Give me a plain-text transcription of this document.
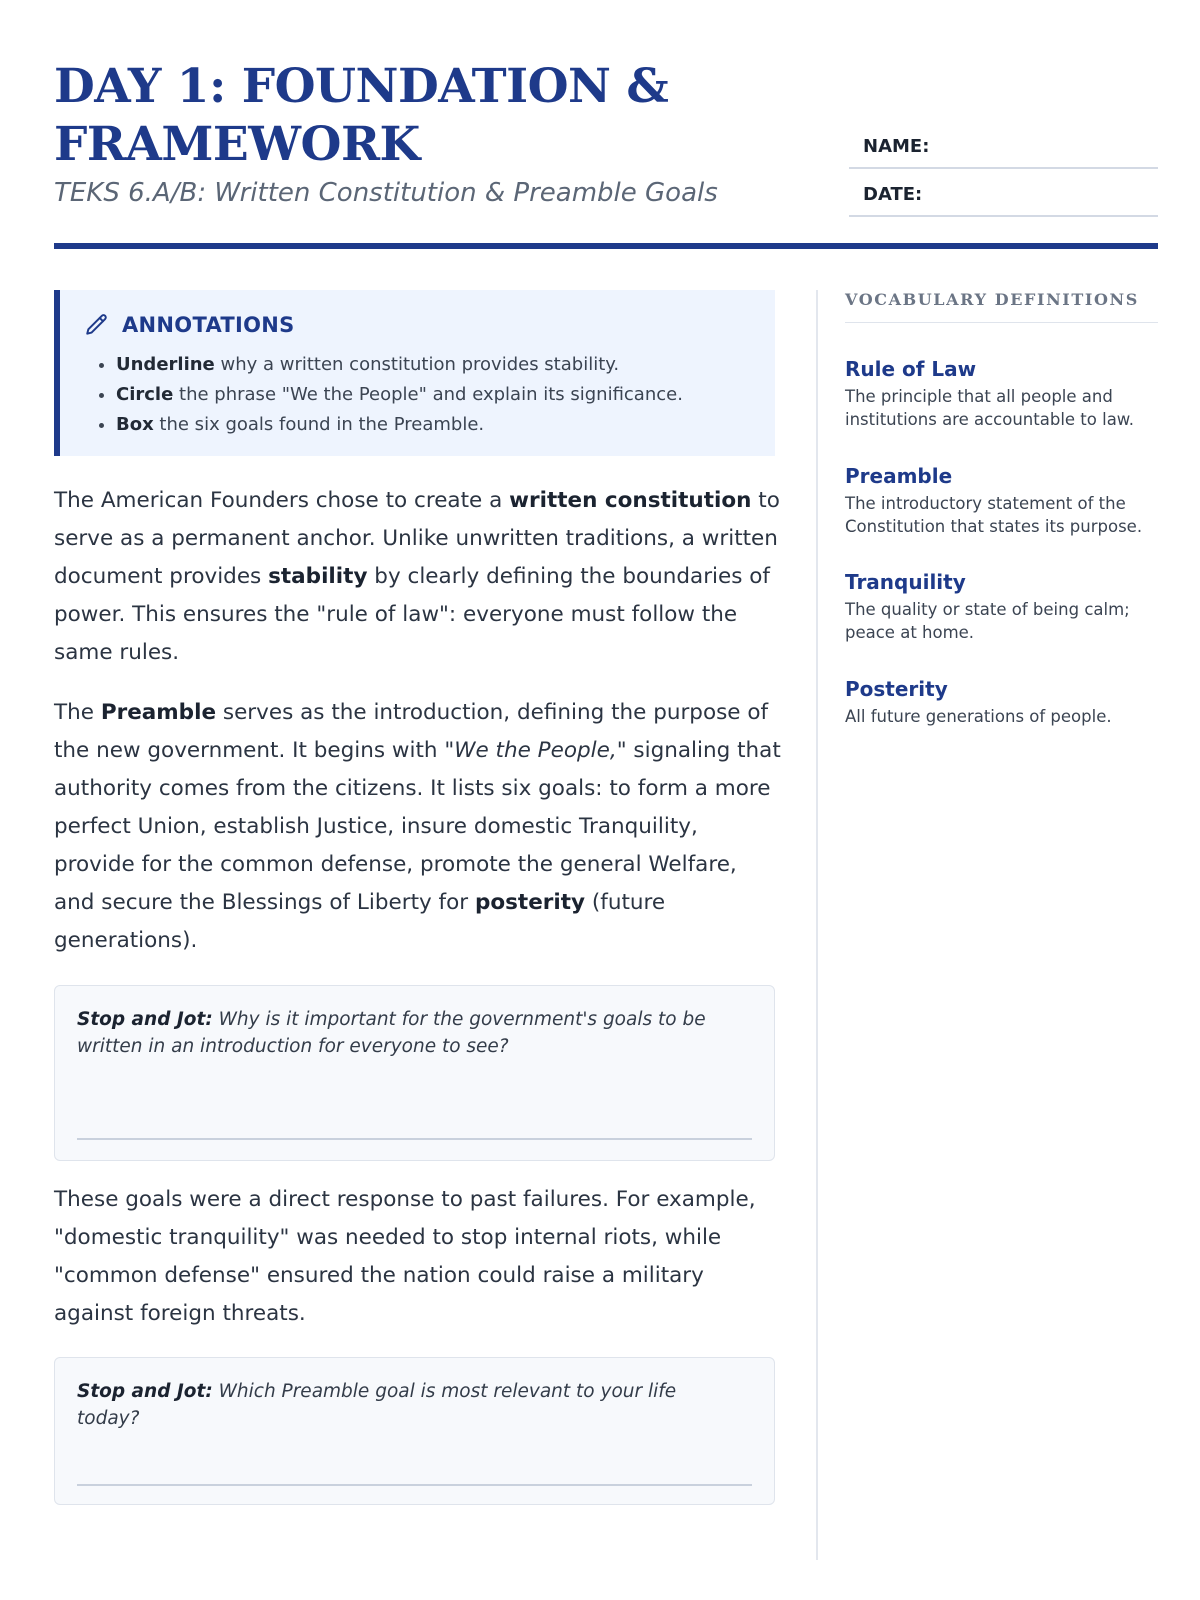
DAY 1: FOUNDATION & FRAMEWORK

TEKS 6.A/B: Written Constitution & Preamble Goals

NAME:
DATE:
ANNOTATIONS
• Underline why a written constitution provides stability.
• Circle the phrase "We the People" and explain its significance.
• Box the six goals found in the Preamble.

The American Founders chose to create a written constitution to serve as a permanent anchor. Unlike unwritten traditions, a written document provides stability by clearly defining the boundaries of power. This ensures the "rule of law": everyone must follow the same rules.

The Preamble serves as the introduction, defining the purpose of the new government. It begins with "We the People," signaling that authority comes from the citizens. It lists six goals: to form a more perfect Union, establish Justice, insure domestic Tranquility, provide for the common defense, promote the general Welfare, and secure the Blessings of Liberty for posterity (future generations).

Stop and Jot: Why is it important for the government's goals to be written in an introduction for everyone to see?

These goals were a direct response to past failures. For example, "domestic tranquility" was needed to stop internal riots, while "common defense" ensured the nation could raise a military against foreign threats.

Stop and Jot: Which Preamble goal is most relevant to your life today?

VOCABULARY DEFINITIONS

Rule of Law

The principle that all people and institutions are accountable to law.

Preamble

The introductory statement of the Constitution that states its purpose.

Tranquility

The quality or state of being calm; peace at home.

Posterity

All future generations of people.
